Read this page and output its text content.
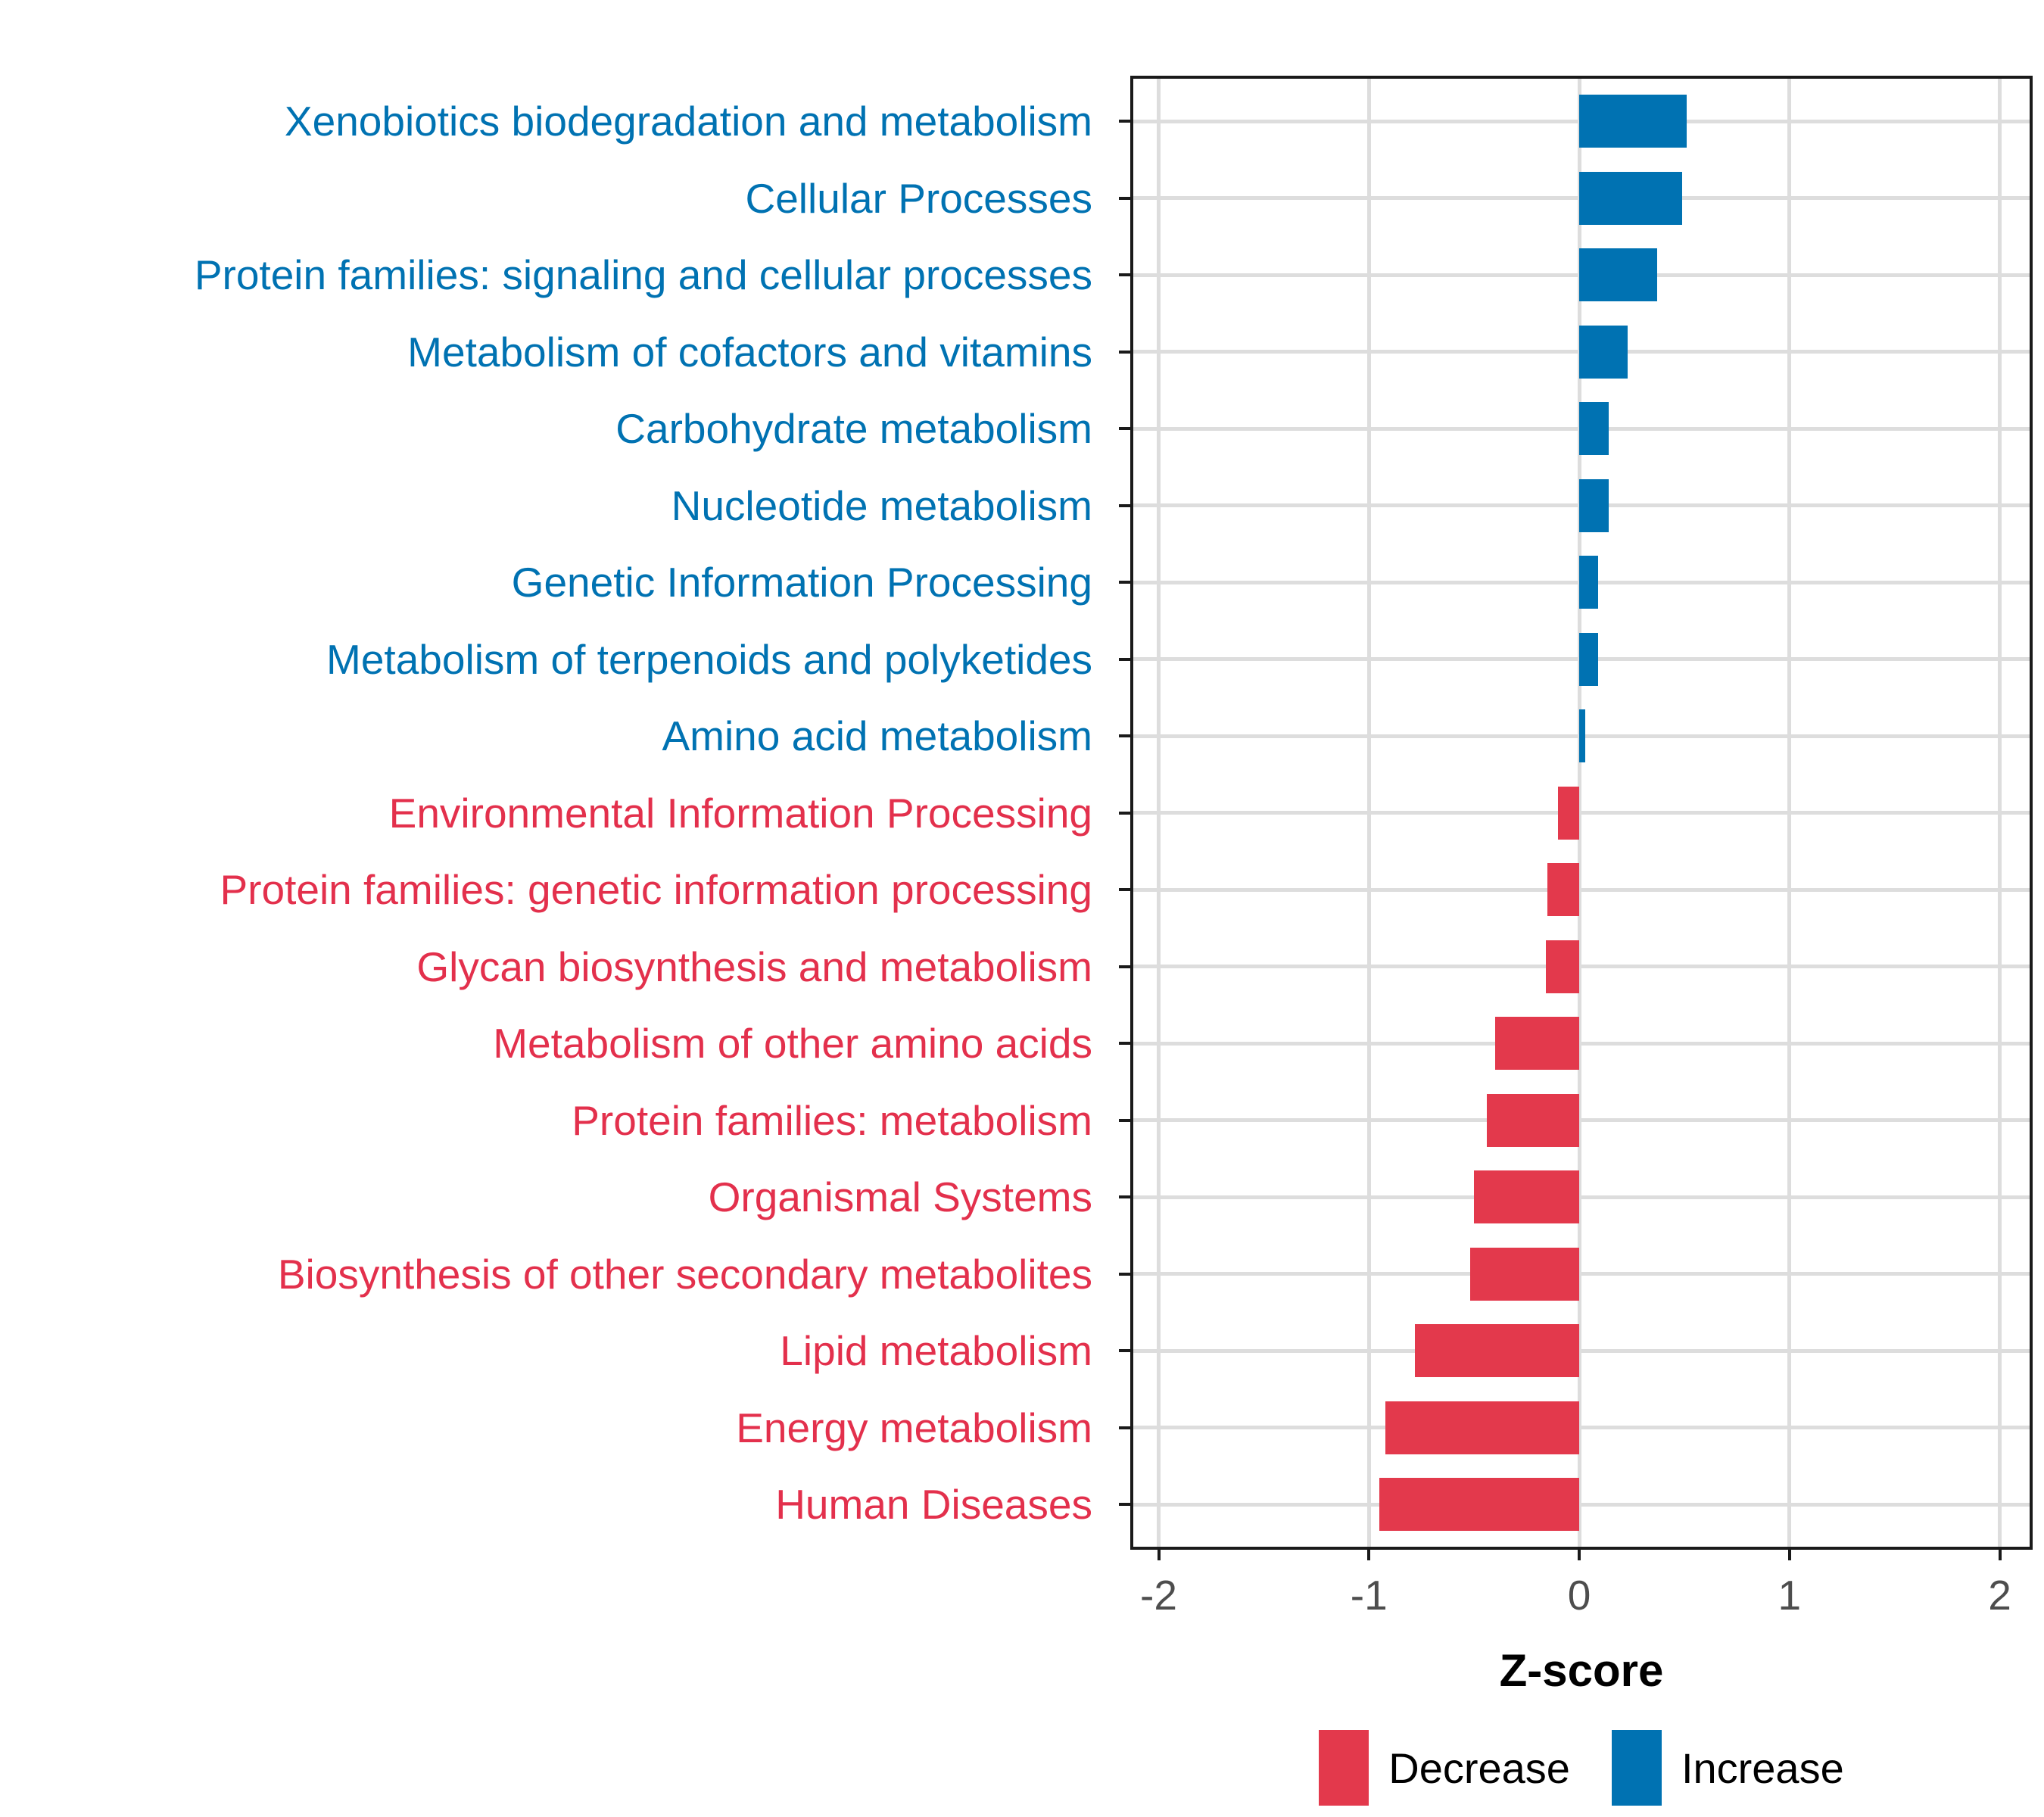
Z-score
Decrease	Increase
-2	-1	0	1	2
Xenobiotics biodegradation and metabolism
Cellular Processes
Protein families: signaling and cellular processes
Metabolism of cofactors and vitamins
Carbohydrate metabolism
Nucleotide metabolism
Genetic Information Processing
Metabolism of terpenoids and polyketides
Amino acid metabolism
Environmental Information Processing
Protein families: genetic information processing
Glycan biosynthesis and metabolism
Metabolism of other amino acids
Protein families: metabolism
Organismal Systems
Biosynthesis of other secondary metabolites
Lipid metabolism
Energy metabolism
Human Diseases
